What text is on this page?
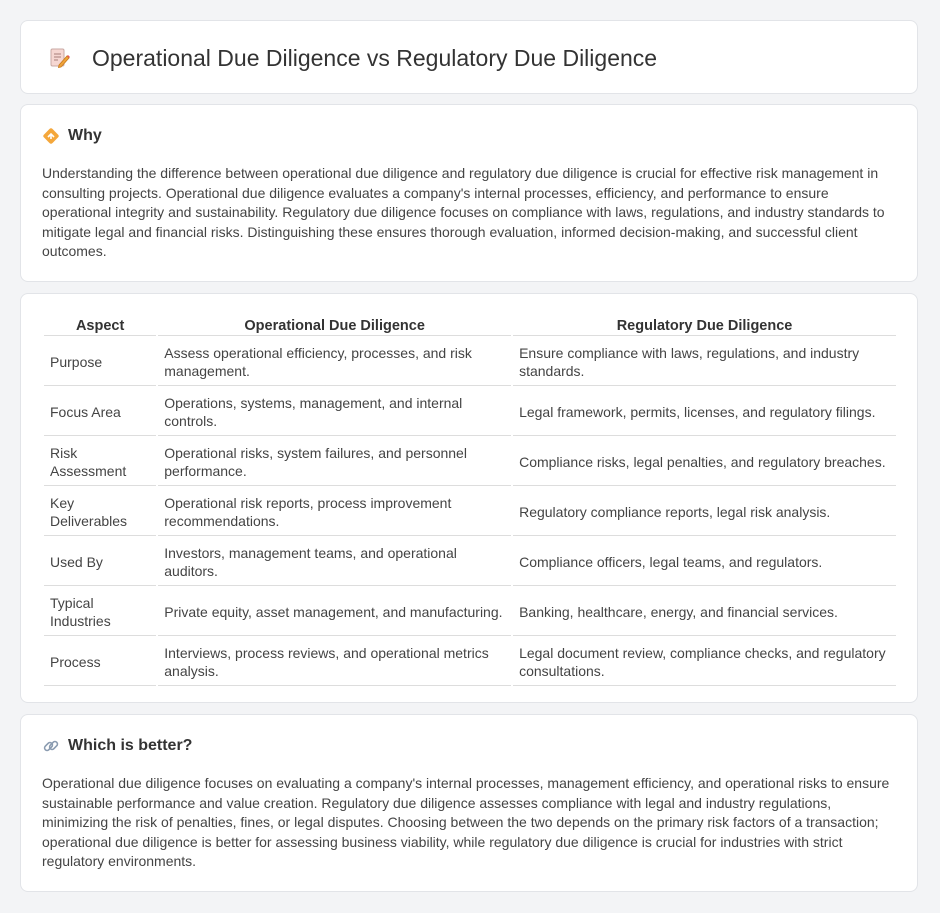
Operational Due Diligence vs Regulatory Due Diligence
Why

Understanding the difference between operational due diligence and regulatory due diligence is crucial for effective risk management in consulting projects. Operational due diligence evaluates a company's internal processes, efficiency, and performance to ensure operational integrity and sustainability. Regulatory due diligence focuses on compliance with laws, regulations, and industry standards to mitigate legal and financial risks. Distinguishing these ensures thorough evaluation, informed decision-making, and successful client outcomes.

Aspect	Operational Due Diligence	Regulatory Due Diligence
Purpose	Assess operational efficiency, processes, and risk management.	Ensure compliance with laws, regulations, and industry standards.
Focus Area	Operations, systems, management, and internal controls.	Legal framework, permits, licenses, and regulatory filings.
Risk Assessment	Operational risks, system failures, and personnel performance.	Compliance risks, legal penalties, and regulatory breaches.
Key Deliverables	Operational risk reports, process improvement recommendations.	Regulatory compliance reports, legal risk analysis.
Used By	Investors, management teams, and operational auditors.	Compliance officers, legal teams, and regulators.
Typical Industries	Private equity, asset management, and manufacturing.	Banking, healthcare, energy, and financial services.
Process	Interviews, process reviews, and operational metrics analysis.	Legal document review, compliance checks, and regulatory consultations.
Which is better?

Operational due diligence focuses on evaluating a company's internal processes, management efficiency, and operational risks to ensure sustainable performance and value creation. Regulatory due diligence assesses compliance with legal and industry regulations, minimizing the risk of penalties, fines, or legal disputes. Choosing between the two depends on the primary risk factors of a transaction; operational due diligence is better for assessing business viability, while regulatory due diligence is crucial for industries with strict regulatory environments.
